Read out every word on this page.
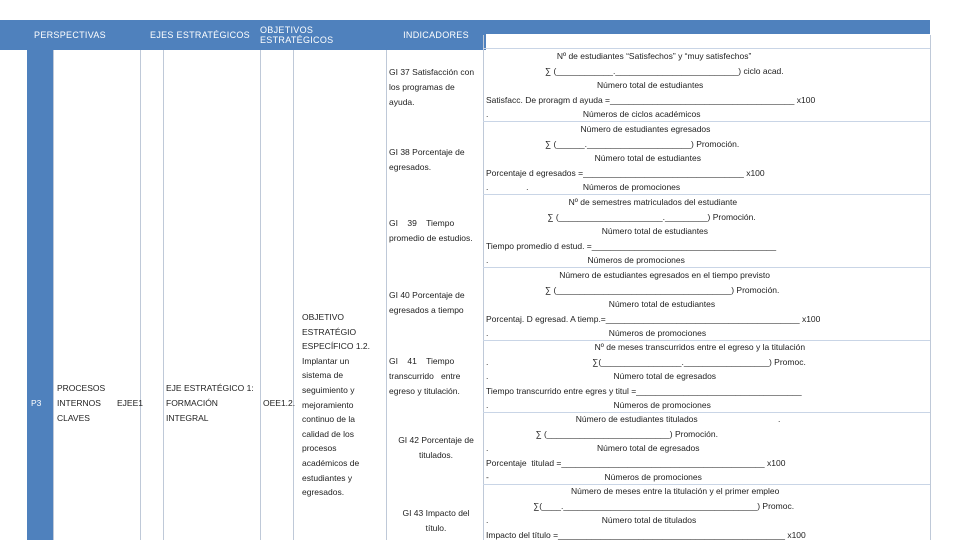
PERSPECTIVAS	EJES ESTRATÉGICOS OBJETIVOS ESTRATÉGICOS	INDICADORES
P3
PROCESOS
INTERNOS
CLAVES
EJEE1
EJE ESTRATÉGICO 1:
FORMACIÓN
INTEGRAL
OEE1.2.
OBJETIVO
ESTRATÉGIO
ESPECÍFICO 1.2.
Implantar un
sistema de
seguimiento y
mejoramiento
continuo de la
calidad de los
procesos
académicos de
estudiantes y
egresados.
GI 37 Satisfacción con
los programas de
ayuda.
GI 38 Porcentaje de
egresados.
GI    39    Tiempo
promedio de estudios.
GI 40 Porcentaje de
egresados a tiempo
GI    41    Tiempo
transcurrido   entre
egreso y titulación.
GI 42 Porcentaje de
titulados.
GI 43 Impacto del
título.
Nº de estudiantes “Satisfechos” y “muy satisfechos”
∑ (____________.__________________________) ciclo acad.
Número total de estudiantes
Satisfacc. De proragm d ayuda =_______________________________________ x100
.                                        Números de ciclos académicos
Número de estudiantes egresados
∑ (______.______________________) Promoción.
Número total de estudiantes
Porcentaje d egresados =__________________________________ x100
.                .                       Números de promociones
Nº de semestres matriculados del estudiante
∑ (______________________._________) Promoción.
Número total de estudiantes
Tiempo promedio d estud. =_______________________________________
.                                          Números de promociones
Número de estudiantes egresados en el tiempo previsto
∑ (_____________________________________) Promoción.
Número total de estudiantes
Porcentaj. D egresad. A tiemp.=_________________________________________ x100
.                                                   Números de promociones
Nº de meses transcurridos entre el egreso y la titulación
.                                            ∑(_________________.__________________) Promoc.
.                                                     Número total de egresados
Tiempo transcurrido entre egres y titul =___________________________________
.                                                     Números de promociones
Número de estudiantes titulados                                  .
∑ (__________________________) Promoción.
.                                              Número total de egresados
Porcentaje  titulad =___________________________________________ x100
-                                                 Números de promociones
Número de meses entre la titulación y el primer empleo
∑(____._________________________________________) Promoc.
.                                                Número total de titulados
Impacto del título =________________________________________________ x100
